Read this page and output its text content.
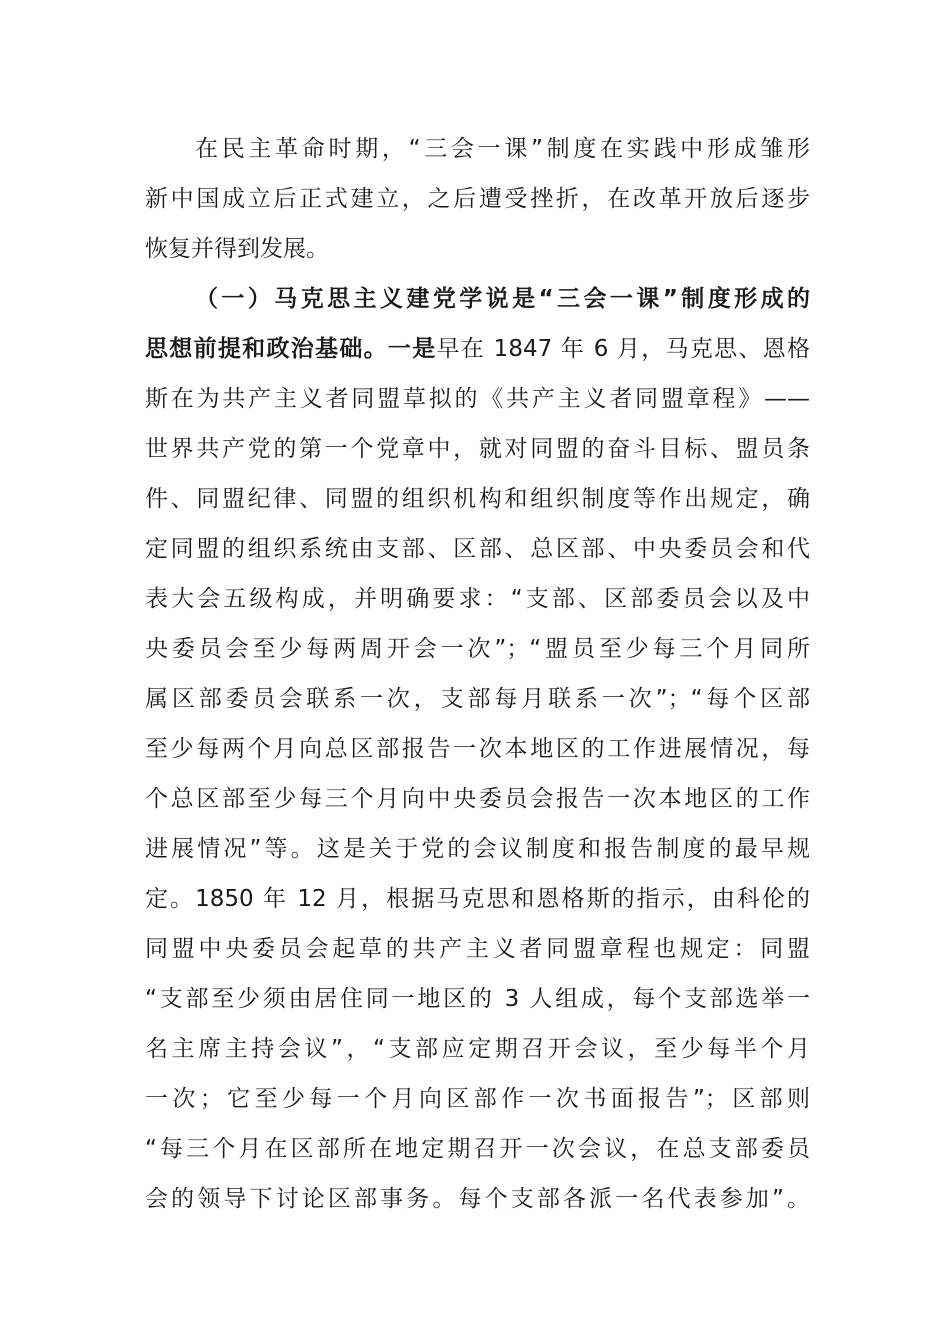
在民主革命时期，“三会一课”制度在实践中形成雏形
新中国成立后正式建立，之后遭受挫折，在改革开放后逐步
恢复并得到发展。
（一）马克思主义建党学说是“三会一课”制度形成的
思想前提和政治基础。一是早在 1847 年 6 月，马克思、恩格
斯在为共产主义者同盟草拟的《共产主义者同盟章程》——
世界共产党的第一个党章中，就对同盟的奋斗目标、盟员条
件、同盟纪律、同盟的组织机构和组织制度等作出规定，确
定同盟的组织系统由支部、区部、总区部、中央委员会和代
表大会五级构成，并明确要求：“支部、区部委员会以及中
央委员会至少每两周开会一次”；“盟员至少每三个月同所
属区部委员会联系一次，支部每月联系一次”；“每个区部
至少每两个月向总区部报告一次本地区的工作进展情况，每
个总区部至少每三个月向中央委员会报告一次本地区的工作
进展情况”等。这是关于党的会议制度和报告制度的最早规
定。1850 年 12 月，根据马克思和恩格斯的指示，由科伦的
同盟中央委员会起草的共产主义者同盟章程也规定：同盟
“支部至少须由居住同一地区的 3 人组成，每个支部选举一
名主席主持会议”，“支部应定期召开会议，至少每半个月
一次；它至少每一个月向区部作一次书面报告”；区部则
“每三个月在区部所在地定期召开一次会议，在总支部委员
会的领导下讨论区部事务。每个支部各派一名代表参加”。
